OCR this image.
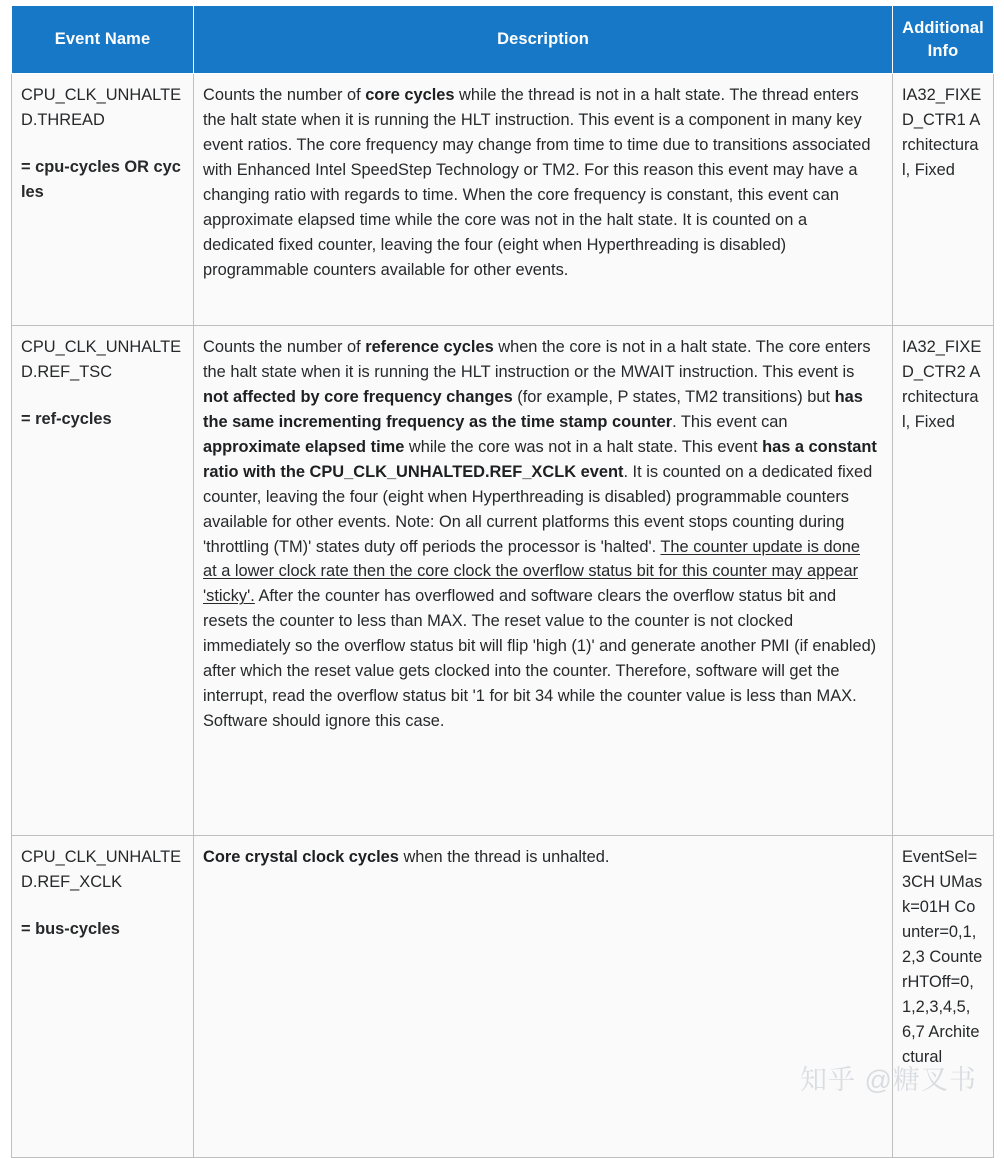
Event Name	Description	Additional Info
CPU_CLK_UNHALTED.THREAD
= cpu-cycles OR cycles	Counts the number of core cycles while the thread is not in a halt state. The thread enters the halt state when it is running the HLT instruction. This event is a component in many key event ratios. The core frequency may change from time to time due to transitions associated with Enhanced Intel SpeedStep Technology or TM2. For this reason this event may have a changing ratio with regards to time. When the core frequency is constant, this event can approximate elapsed time while the core was not in the halt state. It is counted on a dedicated fixed counter, leaving the four (eight when Hyperthreading is disabled) programmable counters available for other events.	IA32_FIXED_CTR1 Architectural, Fixed
CPU_CLK_UNHALTED.REF_TSC
= ref-cycles	Counts the number of reference cycles when the core is not in a halt state. The core enters the halt state when it is running the HLT instruction or the MWAIT instruction. This event is not affected by core frequency changes (for example, P states, TM2 transitions) but has the same incrementing frequency as the time stamp counter. This event can approximate elapsed time while the core was not in a halt state. This event has a constant ratio with the CPU_CLK_UNHALTED.REF_XCLK event. It is counted on a dedicated fixed counter, leaving the four (eight when Hyperthreading is disabled) programmable counters available for other events. Note: On all current platforms this event stops counting during 'throttling (TM)' states duty off periods the processor is 'halted'. The counter update is done at a lower clock rate then the core clock the overflow status bit for this counter may appear 'sticky'. After the counter has overflowed and software clears the overflow status bit and resets the counter to less than MAX. The reset value to the counter is not clocked immediately so the overflow status bit will flip 'high (1)' and generate another PMI (if enabled) after which the reset value gets clocked into the counter. Therefore, software will get the interrupt, read the overflow status bit '1 for bit 34 while the counter value is less than MAX. Software should ignore this case.	IA32_FIXED_CTR2 Architectural, Fixed
CPU_CLK_UNHALTED.REF_XCLK
= bus-cycles	Core crystal clock cycles when the thread is unhalted.	EventSel=3CH UMask=01H Counter=0,1,2,3 CounterHTOff=0,1,2,3,4,5,6,7 Architectural
知乎 @糖叉书
